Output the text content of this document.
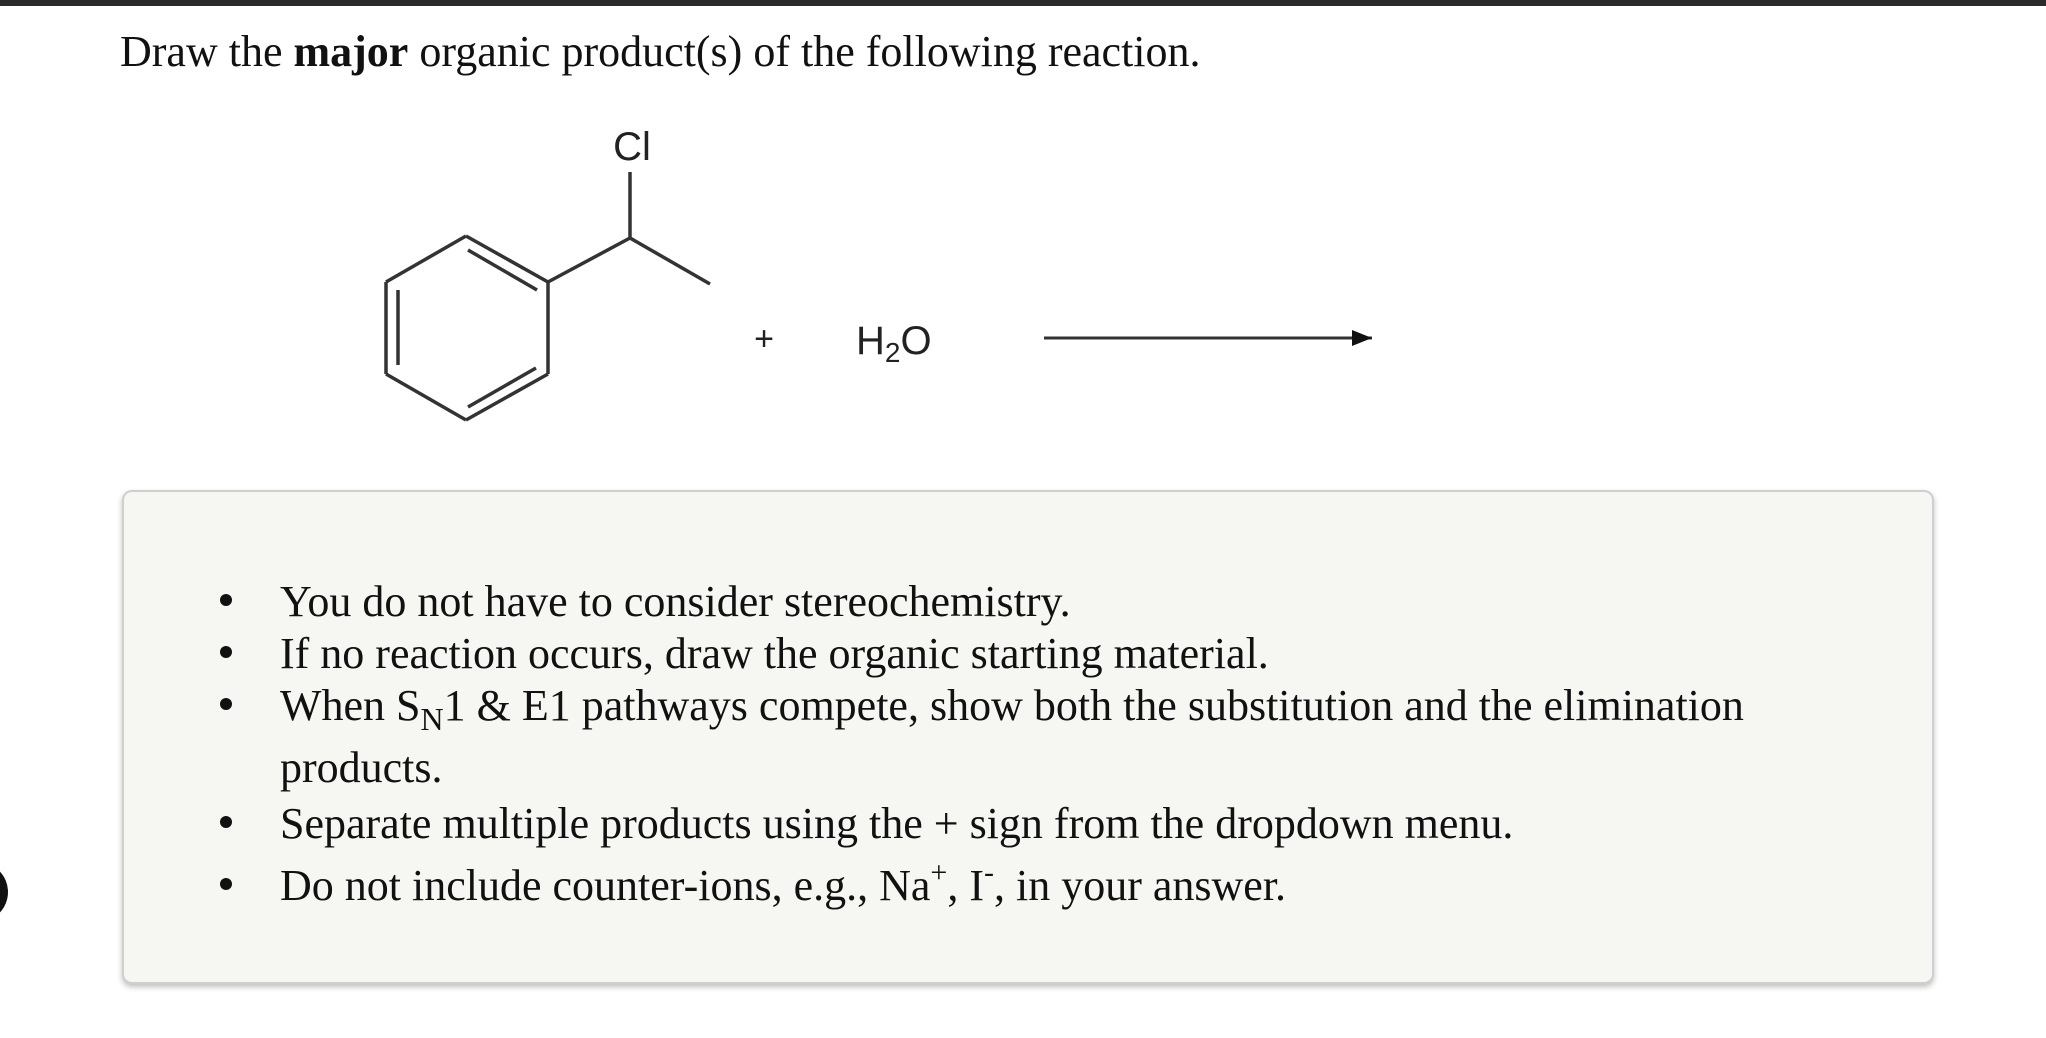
Draw the major organic product(s) of the following reaction.
Cl
+ $H_2O$
You do not have to consider stereochemistry.
If no reaction occurs, draw the organic starting material.
When $S_N1$ & E1 pathways compete, show both the substitution and the elimination
products.
Separate multiple products using the + sign from the dropdown menu.
Do not include counter-ions, e.g., Na+, I-, in your answer.
